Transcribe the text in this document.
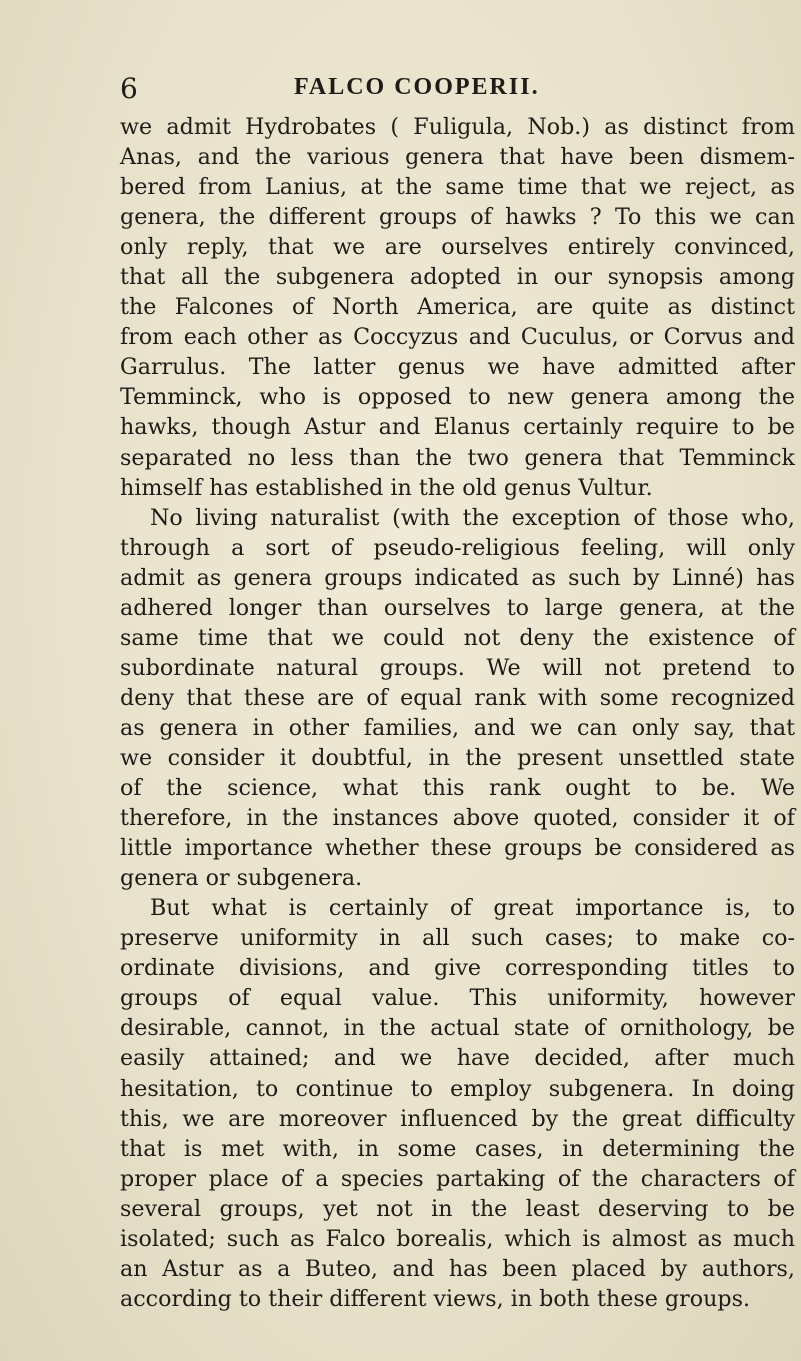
6	FALCO COOPERII.
we admit Hydrobates ( Fuligula, Nob.) as distinct from
Anas, and the various genera that have been dismem-
bered from Lanius, at the same time that we reject, as
genera, the different groups of hawks ? To this we can
only reply, that we are ourselves entirely convinced,
that all the subgenera adopted in our synopsis among
the Falcones of North America, are quite as distinct
from each other as Coccyzus and Cuculus, or Corvus and
Garrulus. The latter genus we have admitted after
Temminck, who is opposed to new genera among the
hawks, though Astur and Elanus certainly require to be
separated no less than the two genera that Temminck
himself has established in the old genus Vultur.
No living naturalist (with the exception of those who,
through a sort of pseudo-religious feeling, will only
admit as genera groups indicated as such by Linné) has
adhered longer than ourselves to large genera, at the
same time that we could not deny the existence of
subordinate natural groups. We will not pretend to
deny that these are of equal rank with some recognized
as genera in other families, and we can only say, that
we consider it doubtful, in the present unsettled state
of the science, what this rank ought to be. We
therefore, in the instances above quoted, consider it of
little importance whether these groups be considered as
genera or subgenera.
But what is certainly of great importance is, to
preserve uniformity in all such cases; to make co-
ordinate divisions, and give corresponding titles to
groups of equal value. This uniformity, however
desirable, cannot, in the actual state of ornithology, be
easily attained; and we have decided, after much
hesitation, to continue to employ subgenera. In doing
this, we are moreover influenced by the great difficulty
that is met with, in some cases, in determining the
proper place of a species partaking of the characters of
several groups, yet not in the least deserving to be
isolated; such as Falco borealis, which is almost as much
an Astur as a Buteo, and has been placed by authors,
according to their different views, in both these groups.
